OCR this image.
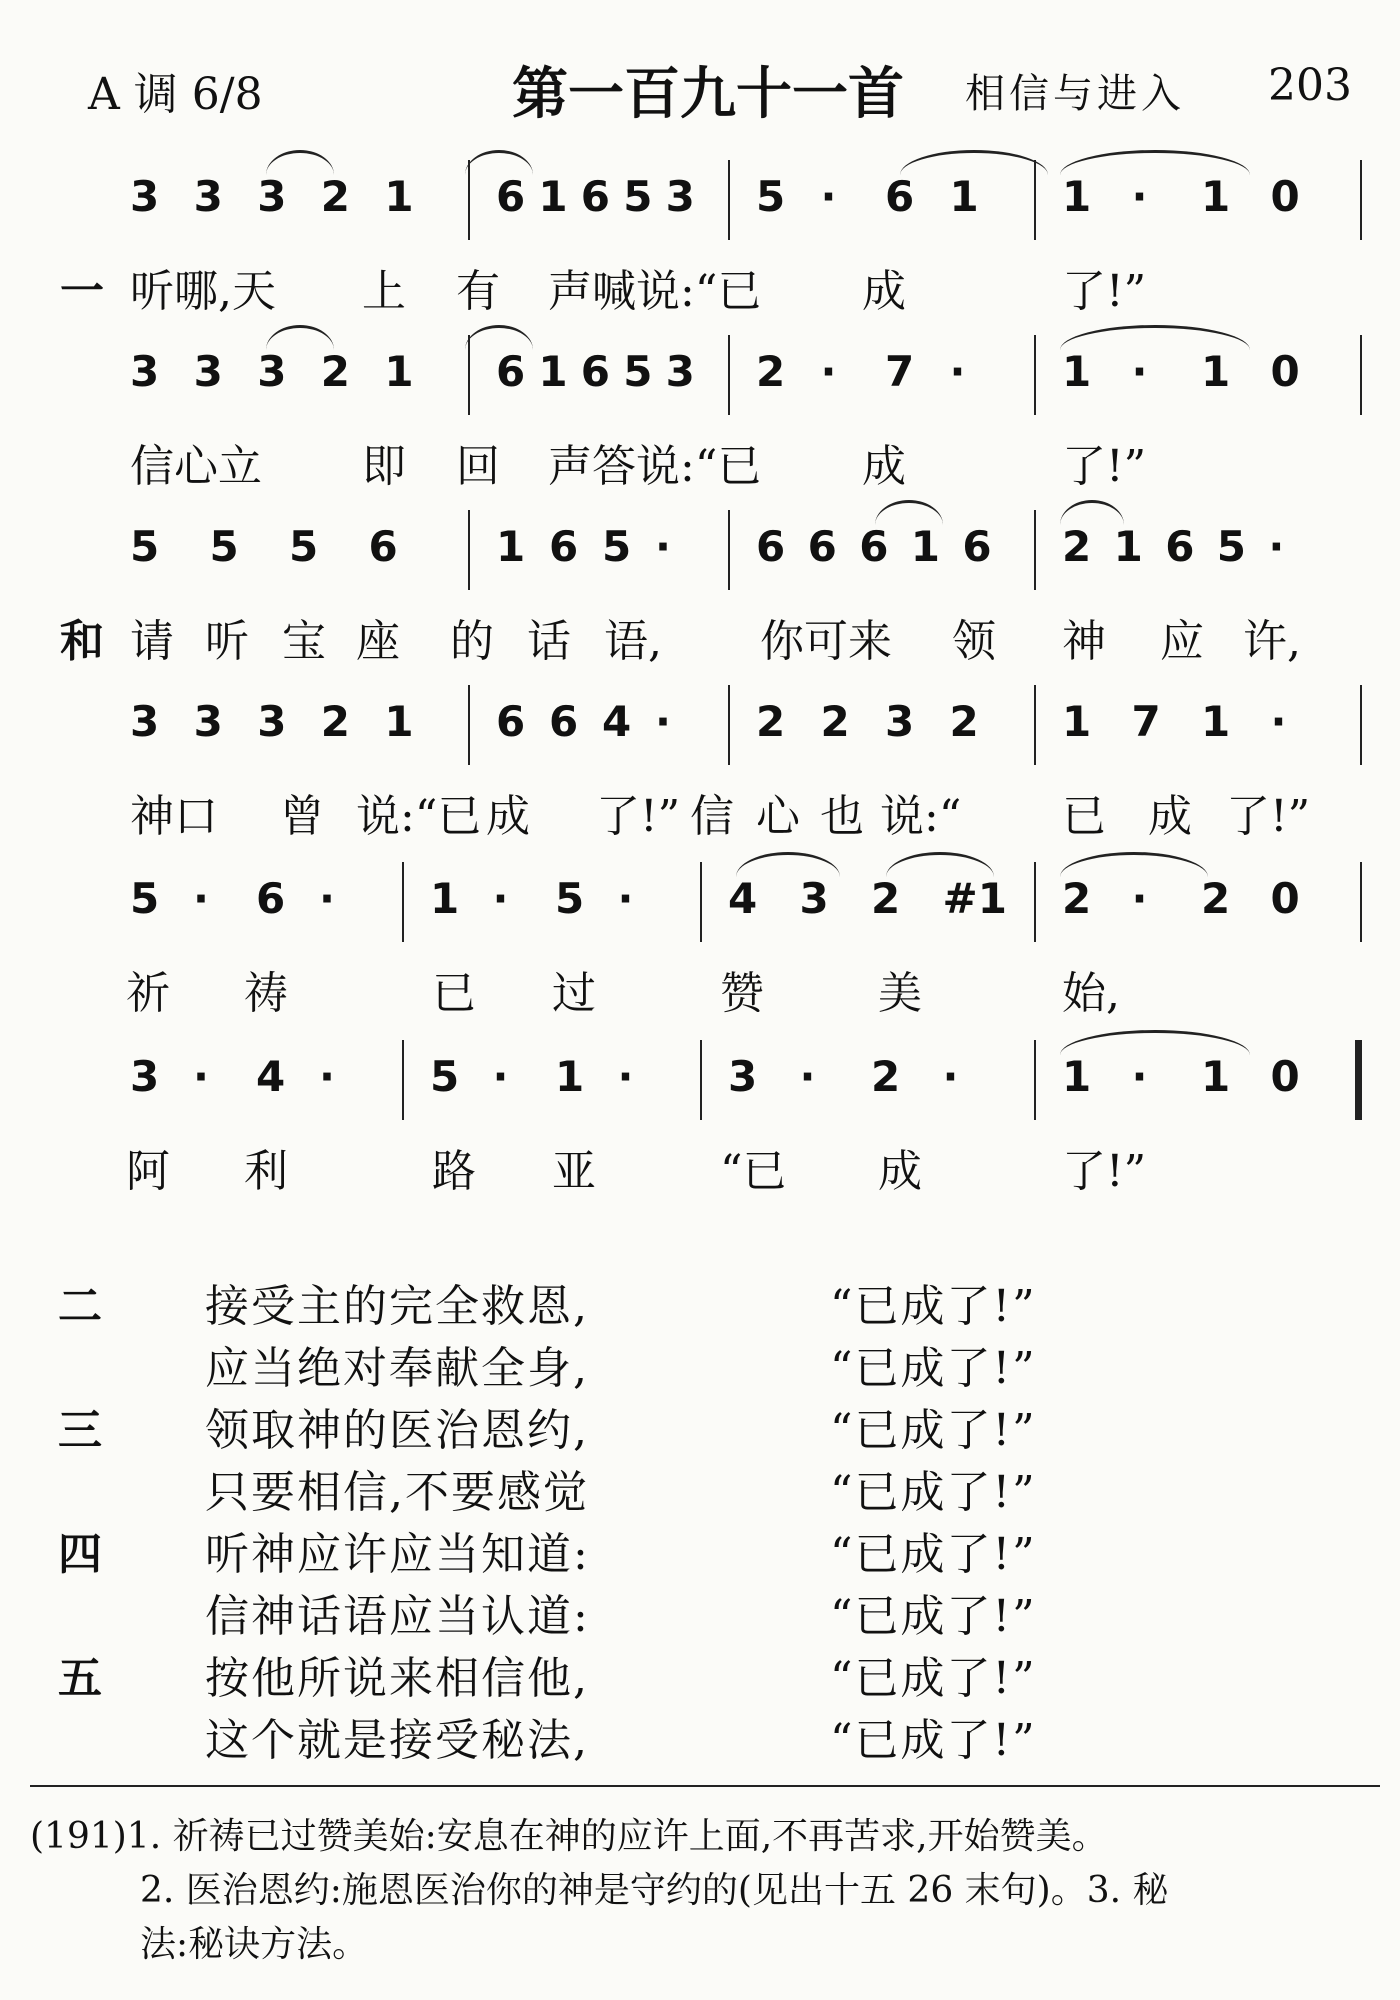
A 调 6/8	第一百九十一首 相信与进入 203
3 3 3 2 1 6 1 6 5 3 5 · 6 1 1 · 1 0
一 听哪,天 上 有 声喊说:“已 成	了!”
3 3 3 2 1 6 1 6 5 3 2 · 7 · 1 · 1 0
信心立 即 回 声答说:“已 成	了!”
5 5 5 6 1 6 5 · 6 6 6 1 6 2 1 6 5 ·
和 请 听 宝 座 的 话 语, 你可来 领 神 应 许,
3 3 3 2 1 6 6 4 · 2 2 3 2 1 7 1 ·
神口 曾 说:“已 成 了!” 信 心 也 说:“ 已 成 了!”
5 · 6 · 1 · 5 · 4 3 2 #1 2 · 2 0
祈 祷	已 过	赞	美	始,
3 · 4 · 5 · 1 · 3 · 2 · 1 · 1 0
阿 利	路 亚	“已 成	了!”
二 接受主的完全救恩,	“已成了!”
应当绝对奉献全身,	“已成了!”
三 领取神的医治恩约,	“已成了!”
只要相信,不要感觉	“已成了!”
四 听神应许应当知道:	“已成了!”
信神话语应当认道:	“已成了!”
五 按他所说来相信他,	“已成了!”
这个就是接受秘法,	“已成了!”
(191)1. 祈祷已过赞美始:安息在神的应许上面,不再苦求,开始赞美。
2. 医治恩约:施恩医治你的神是守约的(见出十五 26 末句)。3. 秘
法:秘诀方法。
